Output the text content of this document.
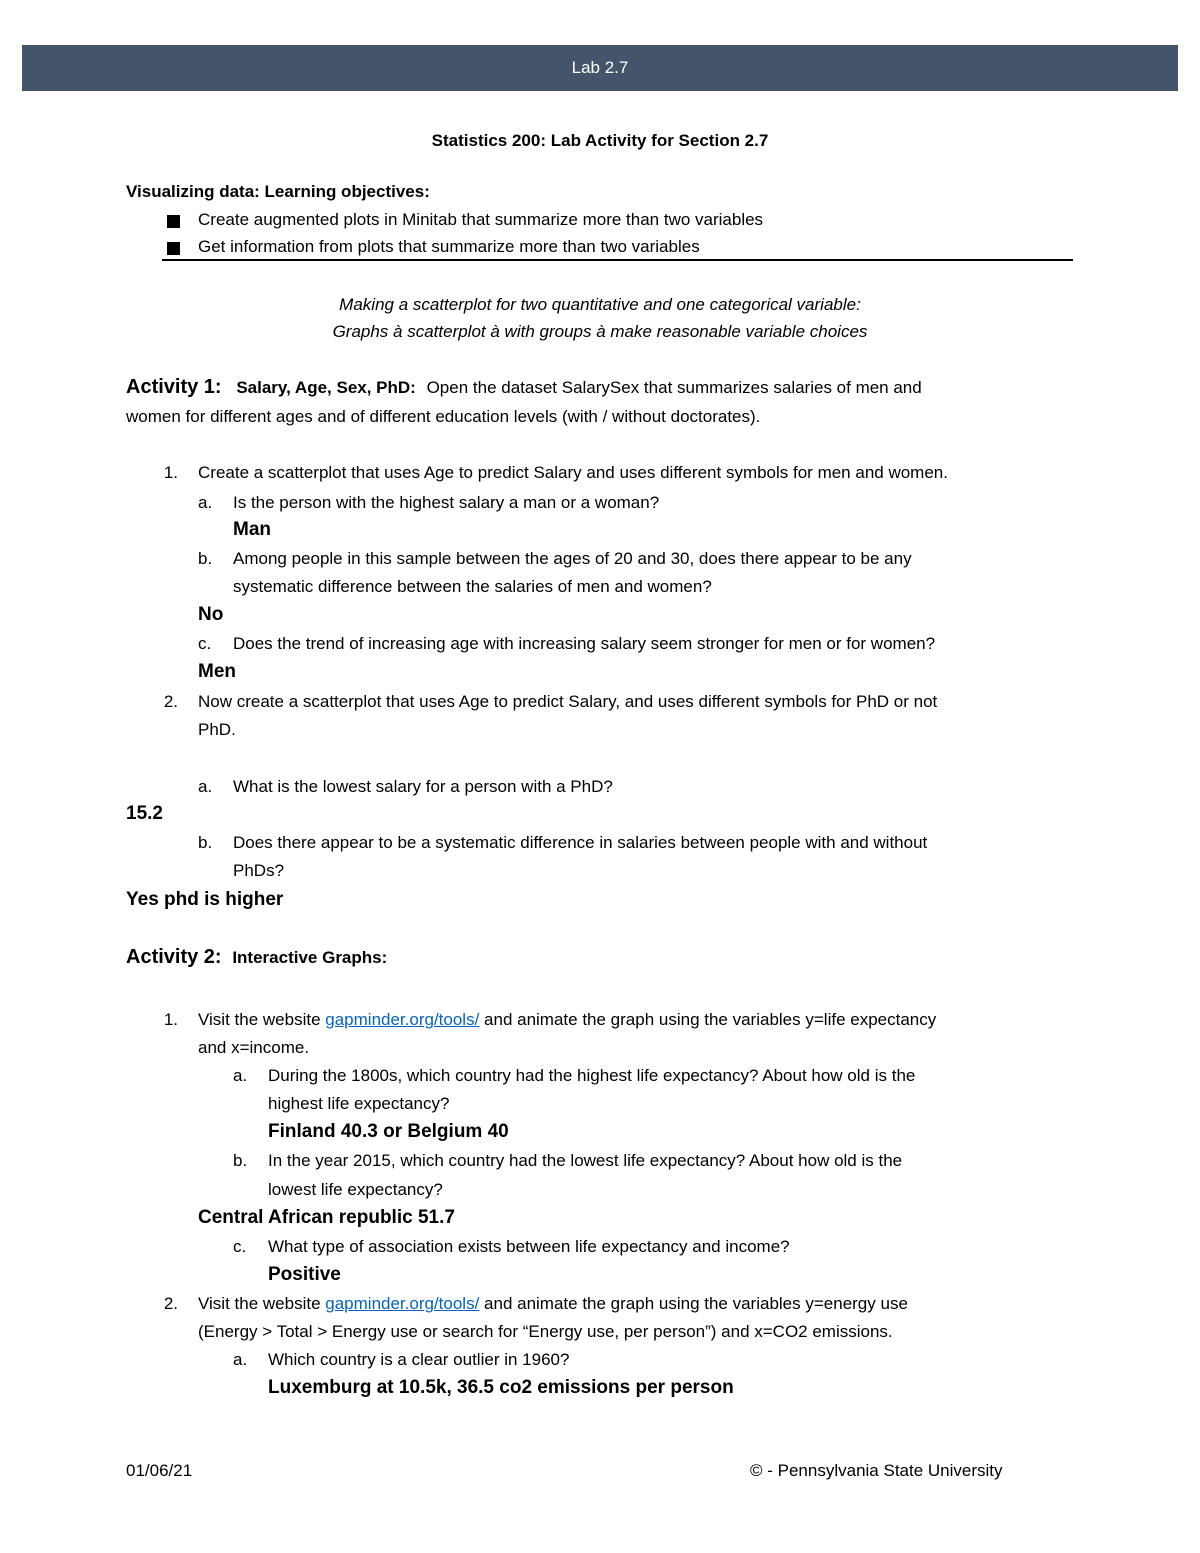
Lab 2.7
Statistics 200: Lab Activity for Section 2.7
Visualizing data: Learning objectives:
Create augmented plots in Minitab that summarize more than two variables
Get information from plots that summarize more than two variables
Making a scatterplot for two quantitative and one categorical variable:
Graphs à scatterplot à with groups à make reasonable variable choices
Activity 1: Salary, Age, Sex, PhD: Open the dataset SalarySex that summarizes salaries of men and
women for different ages and of different education levels (with / without doctorates).
1. Create a scatterplot that uses Age to predict Salary and uses different symbols for men and women.
a. Is the person with the highest salary a man or a woman?
Man
b. Among people in this sample between the ages of 20 and 30, does there appear to be any
systematic difference between the salaries of men and women?
No
c. Does the trend of increasing age with increasing salary seem stronger for men or for women?
Men
2. Now create a scatterplot that uses Age to predict Salary, and uses different symbols for PhD or not
PhD.
a. What is the lowest salary for a person with a PhD?
15.2
b. Does there appear to be a systematic difference in salaries between people with and without
PhDs?
Yes phd is higher
Activity 2: Interactive Graphs:
1. Visit the website gapminder.org/tools/ and animate the graph using the variables y=life expectancy
and x=income.
a. During the 1800s, which country had the highest life expectancy? About how old is the
highest life expectancy?
Finland 40.3 or Belgium 40
b. In the year 2015, which country had the lowest life expectancy? About how old is the
lowest life expectancy?
Central African republic 51.7
c. What type of association exists between life expectancy and income?
Positive
2. Visit the website gapminder.org/tools/ and animate the graph using the variables y=energy use
(Energy > Total > Energy use or search for “Energy use, per person”) and x=CO2 emissions.
a. Which country is a clear outlier in 1960?
Luxemburg at 10.5k, 36.5 co2 emissions per person
01/06/21	© - Pennsylvania State University
